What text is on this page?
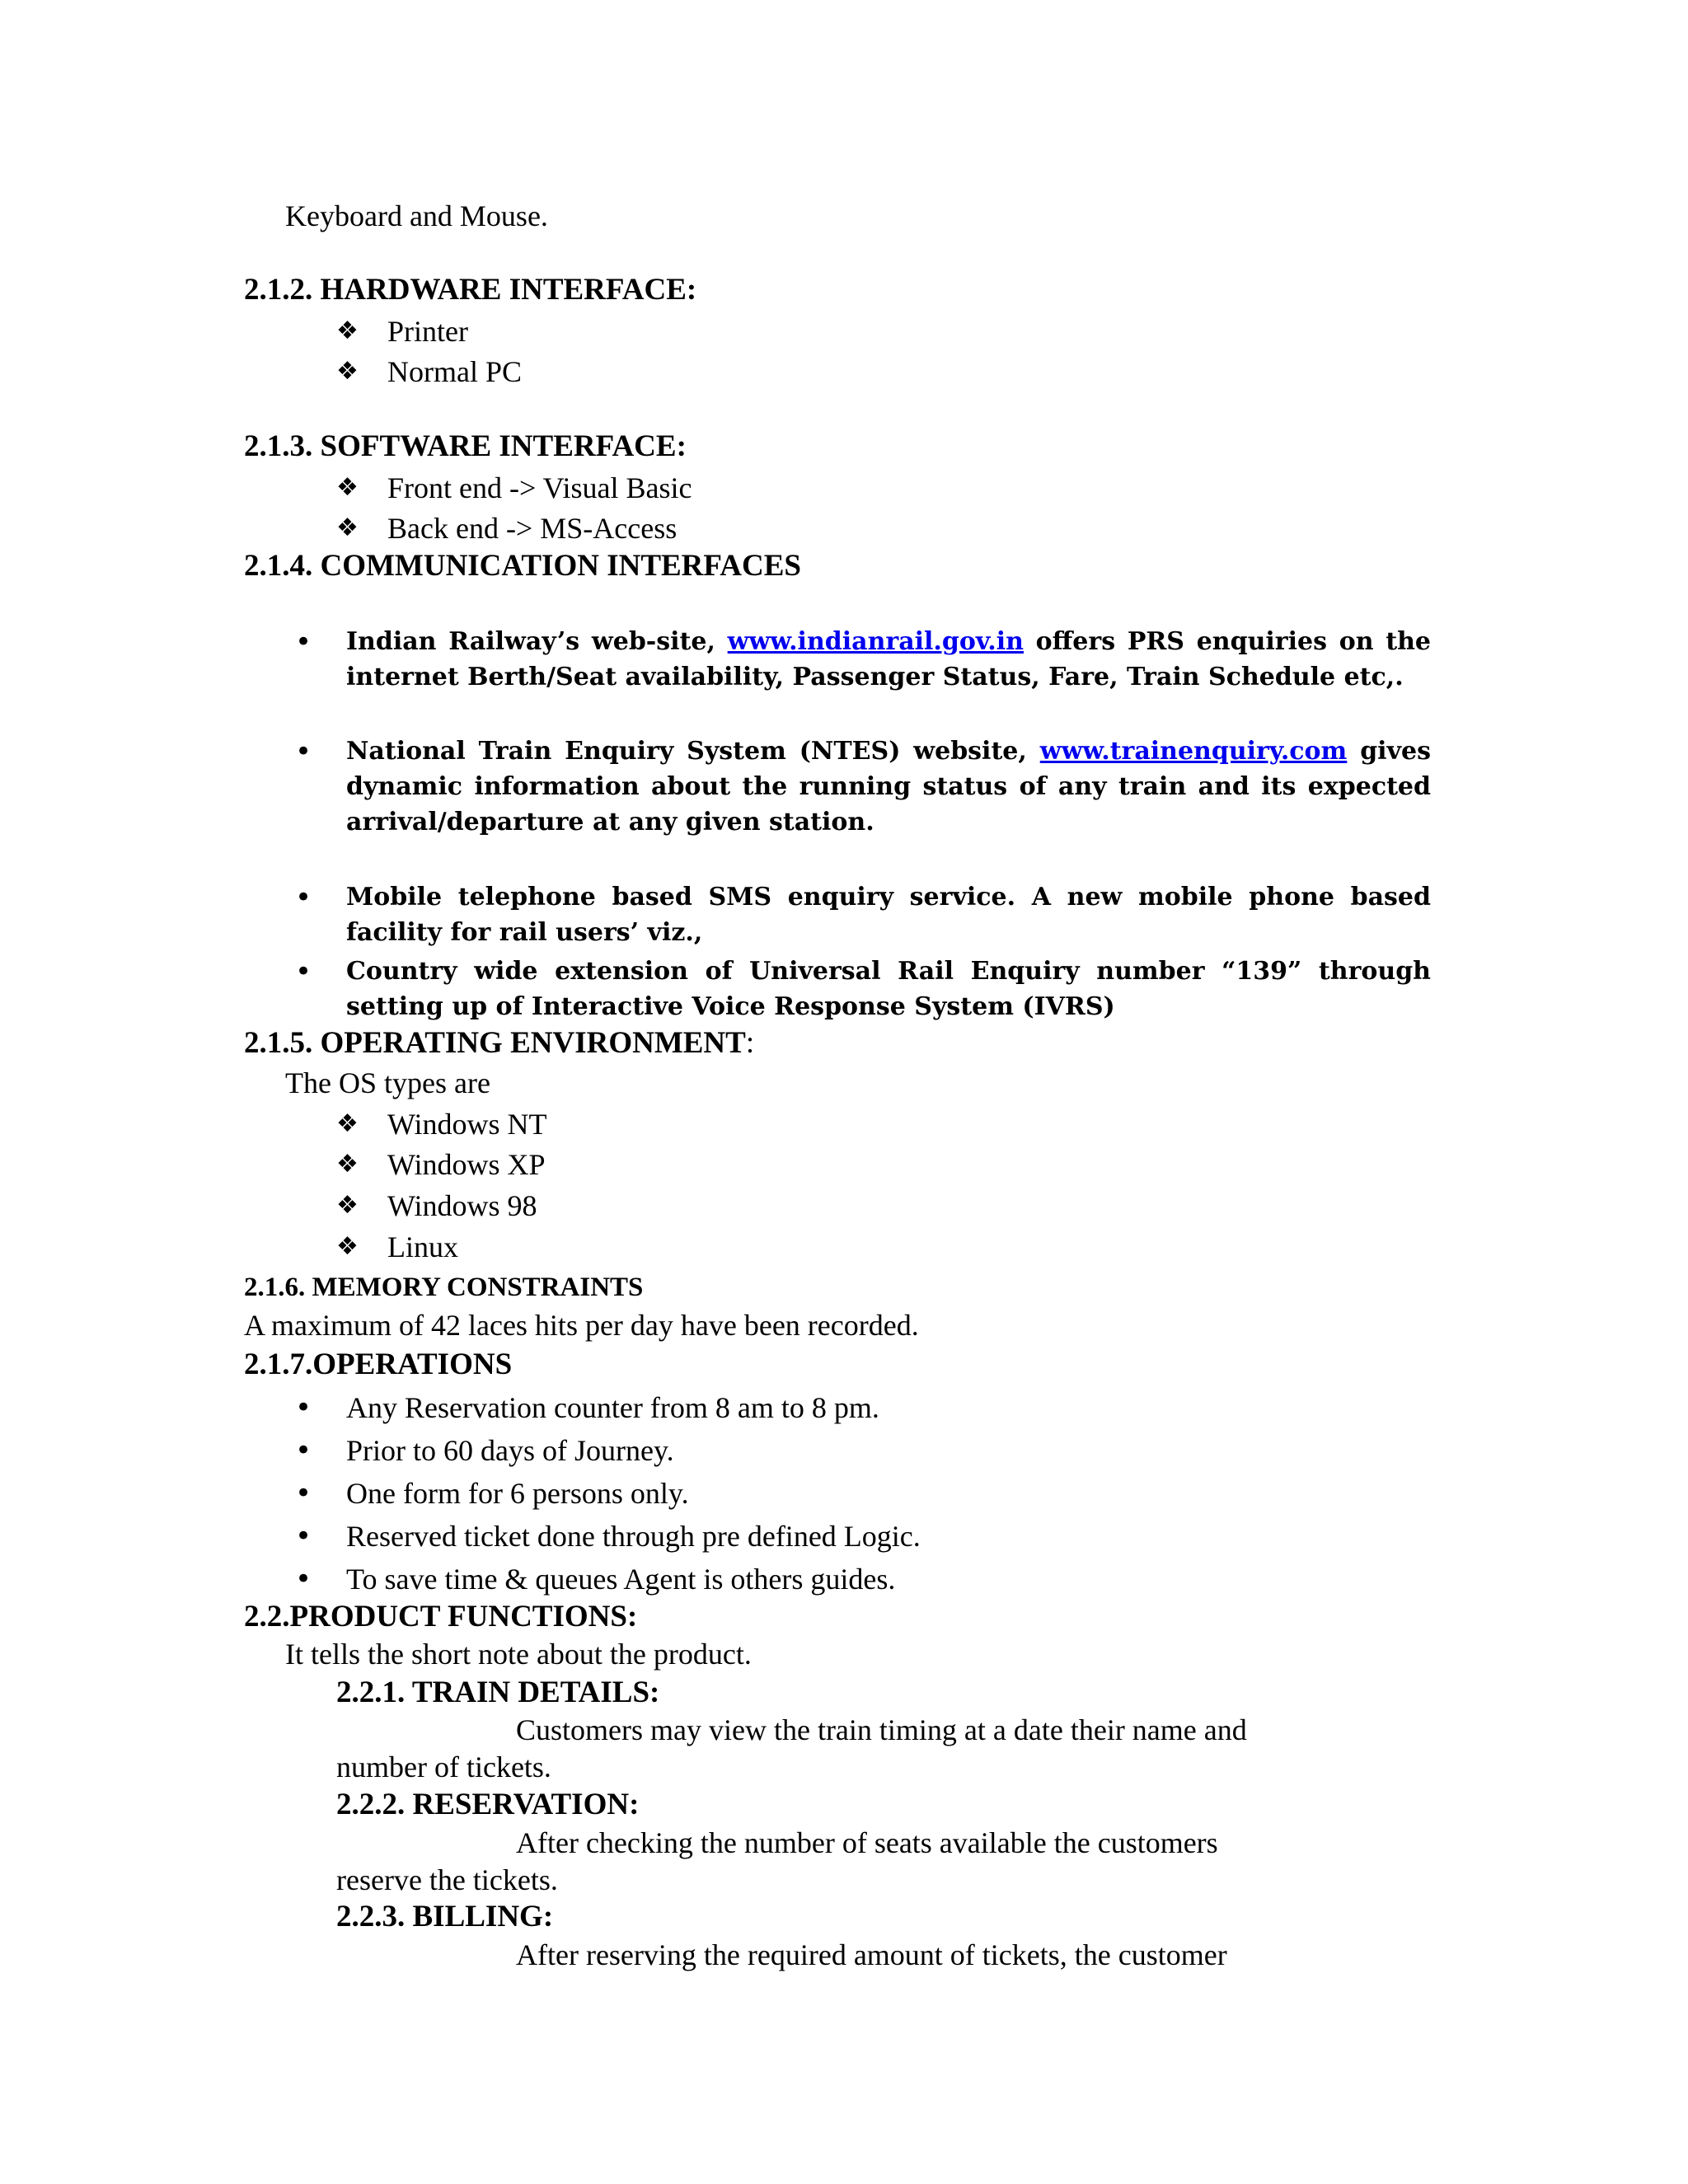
Keyboard and Mouse.

2.1.2. HARDWARE INTERFACE:

❖ Printer

❖ Normal PC

2.1.3. SOFTWARE INTERFACE:

❖ Front end -> Visual Basic

❖ Back end -> MS-Access

2.1.4. COMMUNICATION INTERFACES

• Indian Railway’s web-site, www.indianrail.gov.in offers PRS enquiries on the internet Berth/Seat availability, Passenger Status, Fare, Train Schedule etc,.

• National Train Enquiry System (NTES) website, www.trainenquiry.com gives dynamic information about the running status of any train and its expected arrival/departure at any given station.

• Mobile telephone based SMS enquiry service. A new mobile phone based facility for rail users’ viz.,

• Country wide extension of Universal Rail Enquiry number “139” through setting up of Interactive Voice Response System (IVRS)

2.1.5. OPERATING ENVIRONMENT:

The OS types are

❖ Windows NT

❖ Windows XP

❖ Windows 98

❖ Linux

2.1.6. MEMORY CONSTRAINTS

A maximum of 42 laces hits per day have been recorded.

2.1.7.OPERATIONS

• Any Reservation counter from 8 am to 8 pm.

• Prior to 60 days of Journey.

• One form for 6 persons only.

• Reserved ticket done through pre defined Logic.

• To save time & queues Agent is others guides.

2.2.PRODUCT FUNCTIONS:

It tells the short note about the product.

2.2.1. TRAIN DETAILS:

Customers may view the train timing at a date their name and

number of tickets.

2.2.2. RESERVATION:

After checking the number of seats available the customers

reserve the tickets.

2.2.3. BILLING:

After reserving the required amount of tickets, the customer
